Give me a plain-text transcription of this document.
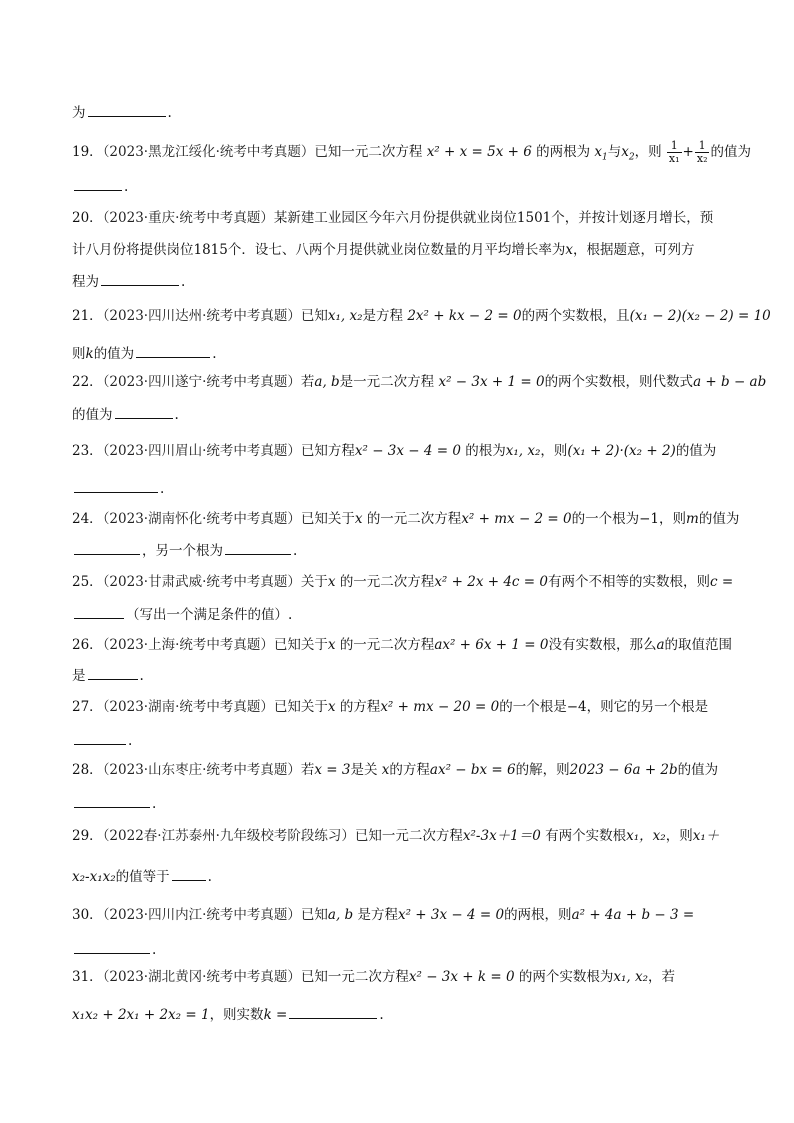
为	.
19．（2023·黑龙江绥化·统考中考真题）已知一元二次方程 x² + x = 5x + 6 的两根为 $x_1$与$x_2$，则 $\frac{1}{\text{x₁}} + \frac{1}{\text{x₂}}$ 的值为
.
20．（2023·重庆·统考中考真题）某新建工业园区今年六月份提供就业岗位1501个，并按计划逐月增长，预
计八月份将提供岗位1815个．设七、八两个月提供就业岗位数量的月平均增长率为x，根据题意，可列方
程为	.
21．（2023·四川达州·统考中考真题）已知x₁, x₂是方程 2x² + kx − 2 = 0的两个实数根，且(x₁ − 2)(x₂ − 2) = 10
则k的值为	.
22．（2023·四川遂宁·统考中考真题）若a, b是一元二次方程 x² − 3x + 1 = 0的两个实数根，则代数式a + b − ab
的值为	.
23．（2023·四川眉山·统考中考真题）已知方程x² − 3x − 4 = 0 的根为x₁, x₂，则(x₁ + 2)·(x₂ + 2)的值为
.
24．（2023·湖南怀化·统考中考真题）已知关于x 的一元二次方程x² + mx − 2 = 0的一个根为−1，则m的值为
，另一个根为	.
25．（2023·甘肃武威·统考中考真题）关于x 的一元二次方程x² + 2x + 4c = 0有两个不相等的实数根，则c =
（写出一个满足条件的值）.
26．（2023·上海·统考中考真题）已知关于x 的一元二次方程ax² + 6x + 1 = 0没有实数根，那么a的取值范围
是	.
27．（2023·湖南·统考中考真题）已知关于x 的方程x² + mx − 20 = 0的一个根是−4，则它的另一个根是
.
28．（2023·山东枣庄·统考中考真题）若x = 3是关 x的方程ax² − bx = 6的解，则2023 − 6a + 2b的值为
.
29．（2022春·江苏泰州·九年级校考阶段练习）已知一元二次方程x²-3x＋1＝0 有两个实数根x₁，x₂，则x₁＋
x₂-x₁x₂的值等于	.
30．（2023·四川内江·统考中考真题）已知a, b 是方程x² + 3x − 4 = 0的两根，则a² + 4a + b − 3 =
.
31．（2023·湖北黄冈·统考中考真题）已知一元二次方程x² − 3x + k = 0 的两个实数根为x₁, x₂，若
x₁x₂ + 2x₁ + 2x₂ = 1，则实数k =	.
